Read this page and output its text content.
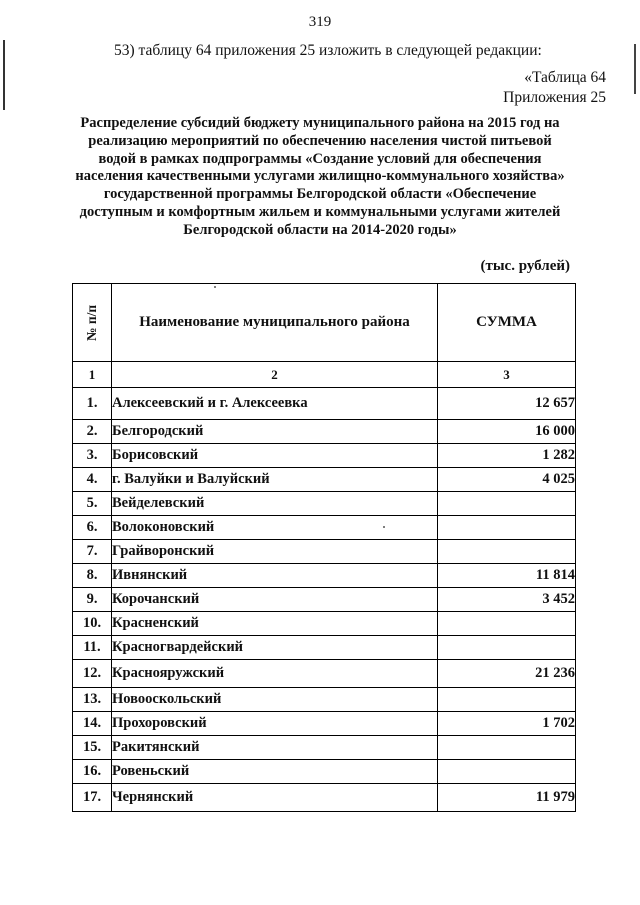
319
53) таблицу 64 приложения 25 изложить в следующей редакции:
«Таблица 64
Приложения 25
Распределение субсидий бюджету муниципального района на 2015 год на реализацию мероприятий по обеспечению населения чистой питьевой водой в рамках подпрограммы «Создание условий для обеспечения населения качественными услугами жилищно-коммунального хозяйства» государственной программы Белгородской области «Обеспечение доступным и комфортным жильем и коммунальными услугами жителей Белгородской области на 2014-2020 годы»
(тыс. рублей)
№ п/п	Наименование муниципального района	СУММА
1	2	3
1.	Алексеевский и г. Алексеевка	12 657
2.	Белгородский	16 000
3.	Борисовский	1 282
4.	г. Валуйки и Валуйский	4 025
5.	Вейделевский	
6.	Волоконовский	
7.	Грайворонский	
8.	Ивнянский	11 814
9.	Корочанский	3 452
10.	Красненский	
11.	Красногвардейский	
12.	Краснояружский	21 236
13.	Новооскольский	
14.	Прохоровский	1 702
15.	Ракитянский	
16.	Ровеньский	
17.	Чернянский	11 979
